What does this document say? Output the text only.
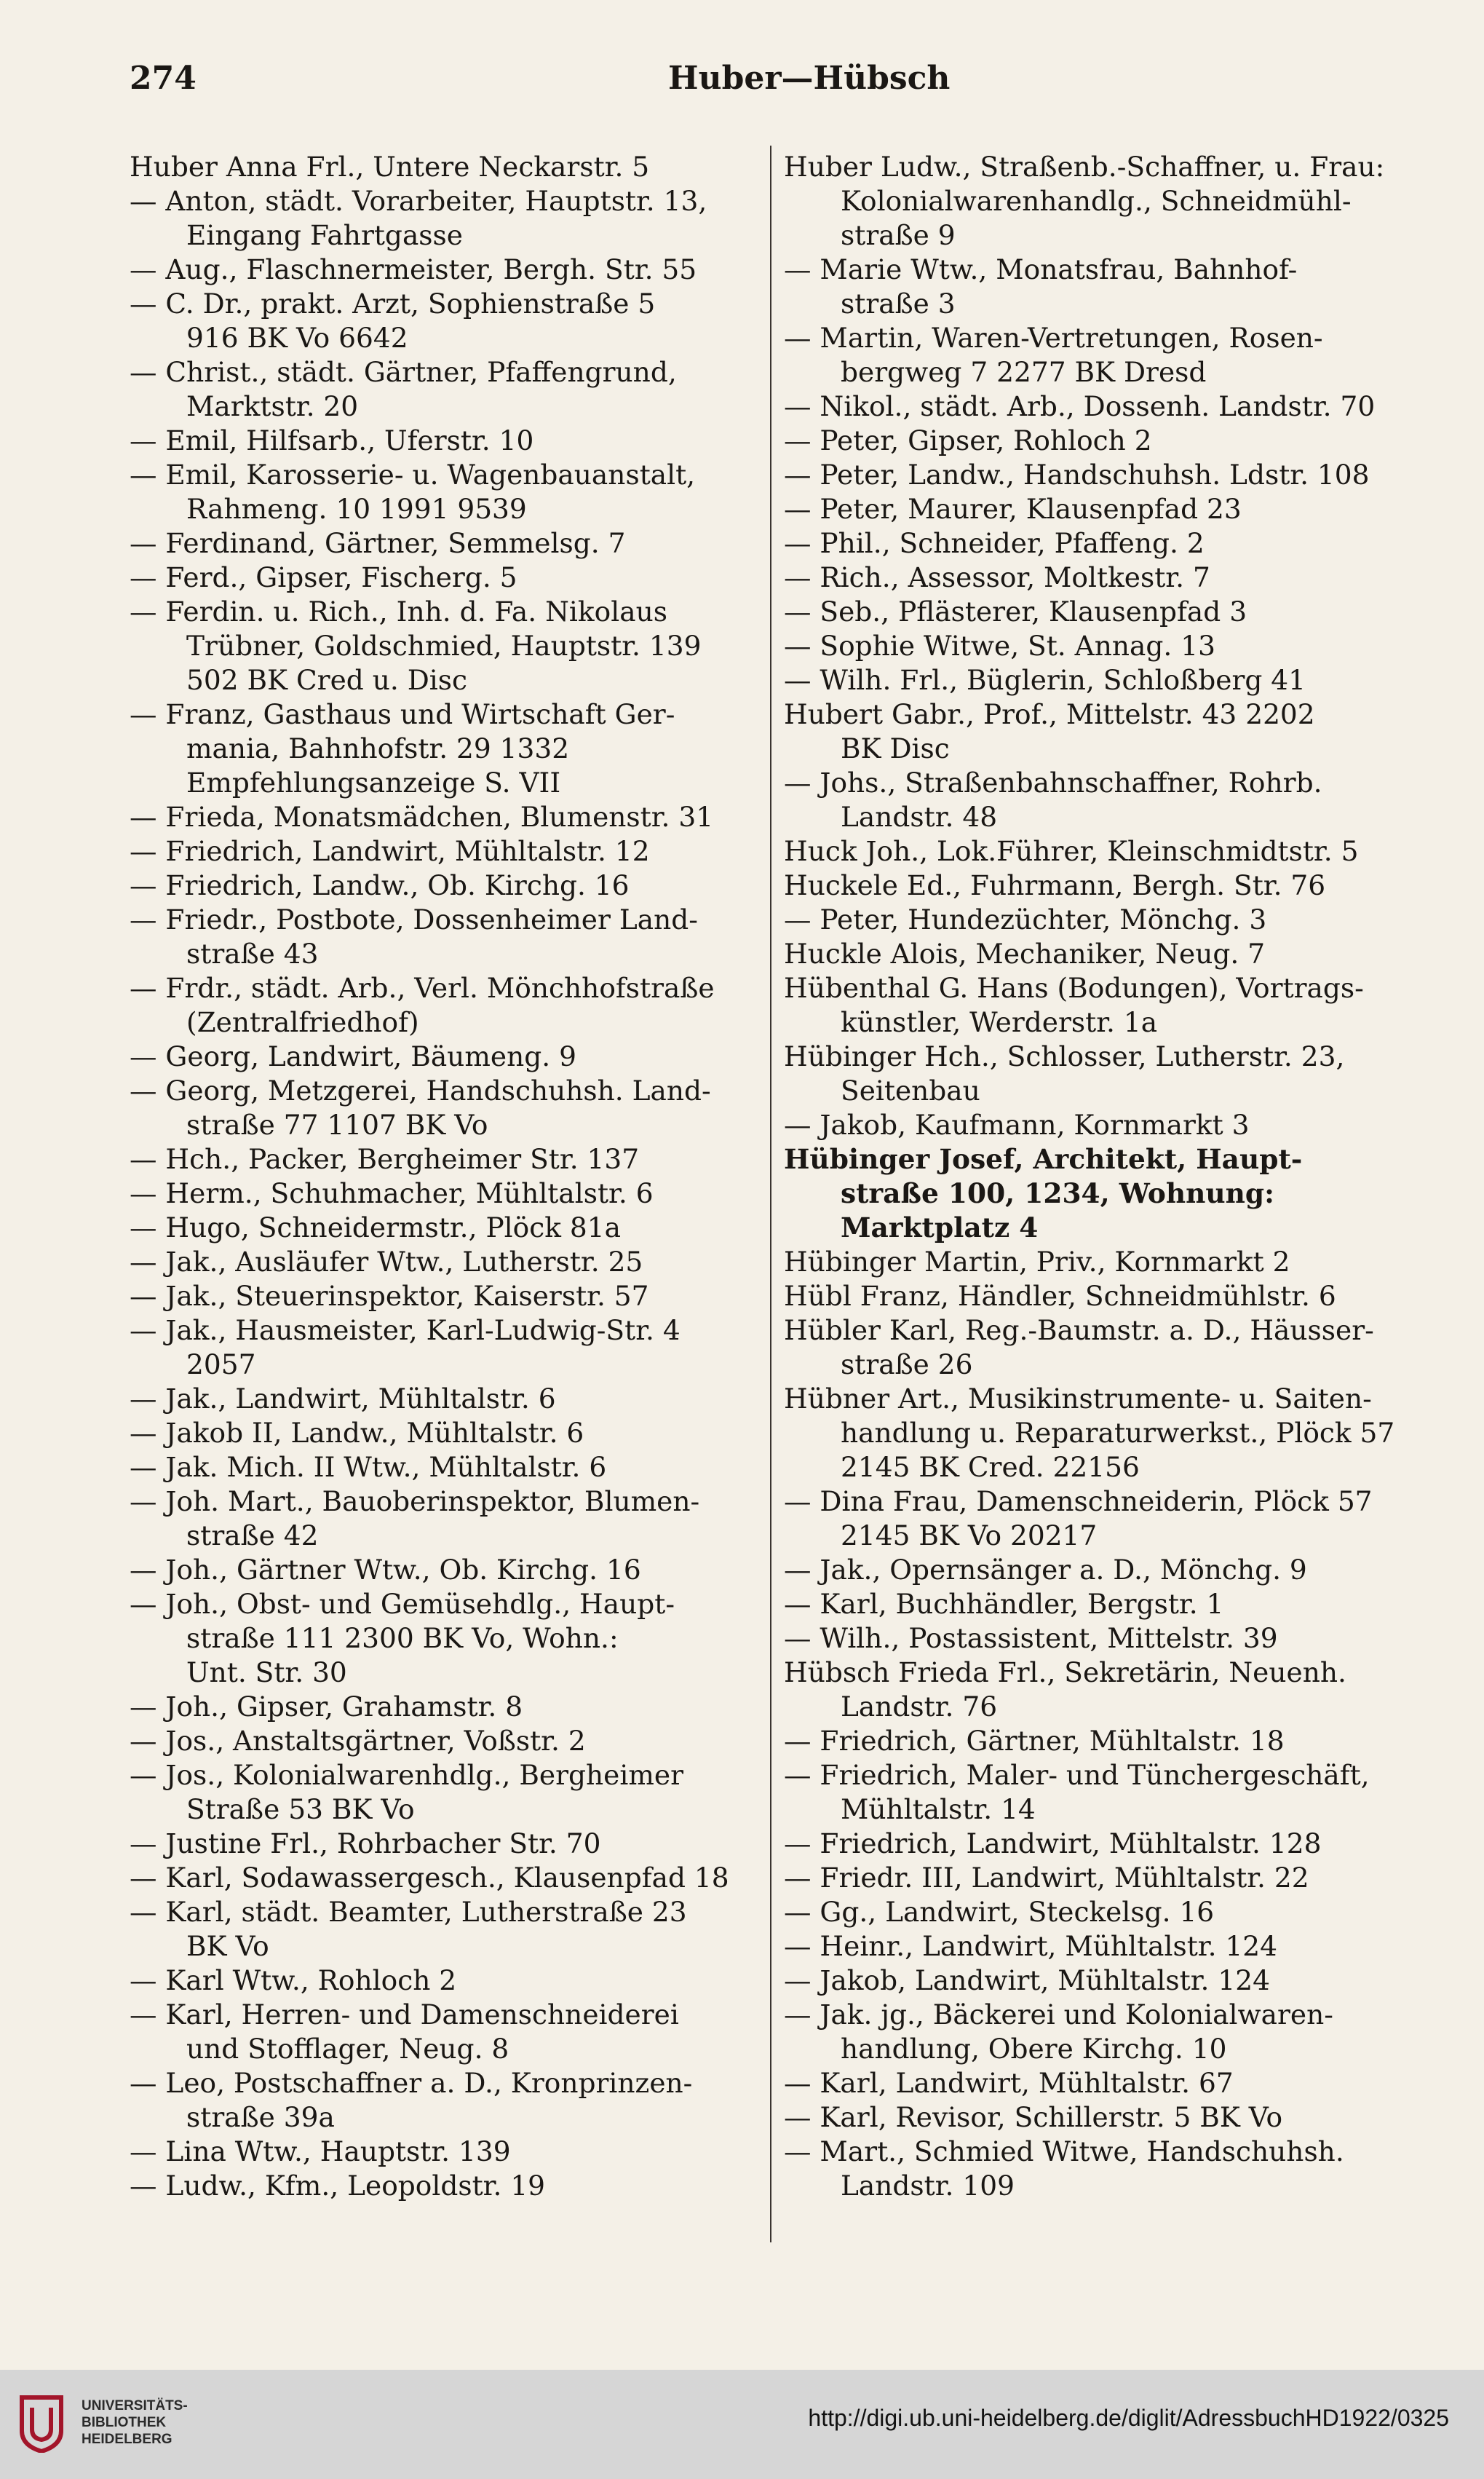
274	Huber—Hübsch
Huber Anna Frl., Untere Neckarstr. 5
— Anton, städt. Vorarbeiter, Hauptstr. 13,
Eingang Fahrtgasse
— Aug., Flaschnermeister, Bergh. Str. 55
— C. Dr., prakt. Arzt, Sophienstraße 5
916 BK Vo 6642
— Christ., städt. Gärtner, Pfaffengrund,
Marktstr. 20
— Emil, Hilfsarb., Uferstr. 10
— Emil, Karosserie- u. Wagenbauanstalt,
Rahmeng. 10 1991 9539
— Ferdinand, Gärtner, Semmelsg. 7
— Ferd., Gipser, Fischerg. 5
— Ferdin. u. Rich., Inh. d. Fa. Nikolaus
Trübner, Goldschmied, Hauptstr. 139
502 BK Cred u. Disc
— Franz, Gasthaus und Wirtschaft Ger-
mania, Bahnhofstr. 29 1332
Empfehlungsanzeige S. VII
— Frieda, Monatsmädchen, Blumenstr. 31
— Friedrich, Landwirt, Mühltalstr. 12
— Friedrich, Landw., Ob. Kirchg. 16
— Friedr., Postbote, Dossenheimer Land-
straße 43
— Frdr., städt. Arb., Verl. Mönchhofstraße
(Zentralfriedhof)
— Georg, Landwirt, Bäumeng. 9
— Georg, Metzgerei, Handschuhsh. Land-
straße 77 1107 BK Vo
— Hch., Packer, Bergheimer Str. 137
— Herm., Schuhmacher, Mühltalstr. 6
— Hugo, Schneidermstr., Plöck 81a
— Jak., Ausläufer Wtw., Lutherstr. 25
— Jak., Steuerinspektor, Kaiserstr. 57
— Jak., Hausmeister, Karl-Ludwig-Str. 4
2057
— Jak., Landwirt, Mühltalstr. 6
— Jakob II, Landw., Mühltalstr. 6
— Jak. Mich. II Wtw., Mühltalstr. 6
— Joh. Mart., Bauoberinspektor, Blumen-
straße 42
— Joh., Gärtner Wtw., Ob. Kirchg. 16
— Joh., Obst- und Gemüsehdlg., Haupt-
straße 111 2300 BK Vo, Wohn.:
Unt. Str. 30
— Joh., Gipser, Grahamstr. 8
— Jos., Anstaltsgärtner, Voßstr. 2
— Jos., Kolonialwarenhdlg., Bergheimer
Straße 53 BK Vo
— Justine Frl., Rohrbacher Str. 70
— Karl, Sodawassergesch., Klausenpfad 18
— Karl, städt. Beamter, Lutherstraße 23
BK Vo
— Karl Wtw., Rohloch 2
— Karl, Herren- und Damenschneiderei
und Stofflager, Neug. 8
— Leo, Postschaffner a. D., Kronprinzen-
straße 39a
— Lina Wtw., Hauptstr. 139
— Ludw., Kfm., Leopoldstr. 19
Huber Ludw., Straßenb.-Schaffner, u. Frau:
Kolonialwarenhandlg., Schneidmühl-
straße 9
— Marie Wtw., Monatsfrau, Bahnhof-
straße 3
— Martin, Waren-Vertretungen, Rosen-
bergweg 7 2277 BK Dresd
— Nikol., städt. Arb., Dossenh. Landstr. 70
— Peter, Gipser, Rohloch 2
— Peter, Landw., Handschuhsh. Ldstr. 108
— Peter, Maurer, Klausenpfad 23
— Phil., Schneider, Pfaffeng. 2
— Rich., Assessor, Moltkestr. 7
— Seb., Pflästerer, Klausenpfad 3
— Sophie Witwe, St. Annag. 13
— Wilh. Frl., Büglerin, Schloßberg 41
Hubert Gabr., Prof., Mittelstr. 43 2202
BK Disc
— Johs., Straßenbahnschaffner, Rohrb.
Landstr. 48
Huck Joh., Lok.Führer, Kleinschmidtstr. 5
Huckele Ed., Fuhrmann, Bergh. Str. 76
— Peter, Hundezüchter, Mönchg. 3
Huckle Alois, Mechaniker, Neug. 7
Hübenthal G. Hans (Bodungen), Vortrags-
künstler, Werderstr. 1a
Hübinger Hch., Schlosser, Lutherstr. 23,
Seitenbau
— Jakob, Kaufmann, Kornmarkt 3
Hübinger Josef, Architekt, Haupt-
straße 100, 1234, Wohnung:
Marktplatz 4
Hübinger Martin, Priv., Kornmarkt 2
Hübl Franz, Händler, Schneidmühlstr. 6
Hübler Karl, Reg.-Baumstr. a. D., Häusser-
straße 26
Hübner Art., Musikinstrumente- u. Saiten-
handlung u. Reparaturwerkst., Plöck 57
2145 BK Cred. 22156
— Dina Frau, Damenschneiderin, Plöck 57
2145 BK Vo 20217
— Jak., Opernsänger a. D., Mönchg. 9
— Karl, Buchhändler, Bergstr. 1
— Wilh., Postassistent, Mittelstr. 39
Hübsch Frieda Frl., Sekretärin, Neuenh.
Landstr. 76
— Friedrich, Gärtner, Mühltalstr. 18
— Friedrich, Maler- und Tünchergeschäft,
Mühltalstr. 14
— Friedrich, Landwirt, Mühltalstr. 128
— Friedr. III, Landwirt, Mühltalstr. 22
— Gg., Landwirt, Steckelsg. 16
— Heinr., Landwirt, Mühltalstr. 124
— Jakob, Landwirt, Mühltalstr. 124
— Jak. jg., Bäckerei und Kolonialwaren-
handlung, Obere Kirchg. 10
— Karl, Landwirt, Mühltalstr. 67
— Karl, Revisor, Schillerstr. 5 BK Vo
— Mart., Schmied Witwe, Handschuhsh.
Landstr. 109
UNIVERSITÄTS-
BIBLIOTHEK
HEIDELBERG
http://digi.ub.uni-heidelberg.de/diglit/AdressbuchHD1922/0325
